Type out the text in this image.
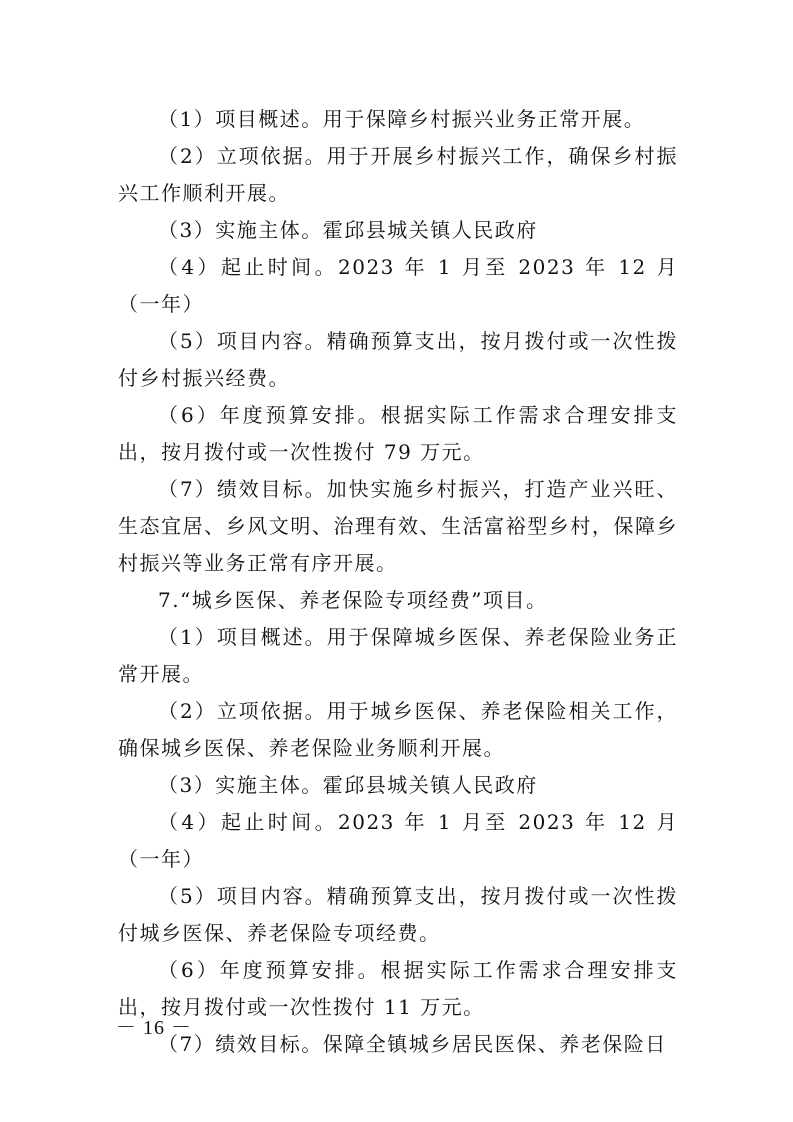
（1）项目概述。用于保障乡村振兴业务正常开展。

（2）立项依据。用于开展乡村振兴工作，确保乡村振兴工作顺利开展。

（3）实施主体。霍邱县城关镇人民政府

（4）起止时间。2023 年 1 月至 2023 年 12 月（一年）

（5）项目内容。精确预算支出，按月拨付或一次性拨付乡村振兴经费。

（6）年度预算安排。根据实际工作需求合理安排支出，按月拨付或一次性拨付 79 万元。

（7）绩效目标。加快实施乡村振兴，打造产业兴旺、生态宜居、乡风文明、治理有效、生活富裕型乡村，保障乡村振兴等业务正常有序开展。

7.“城乡医保、养老保险专项经费”项目。

（1）项目概述。用于保障城乡医保、养老保险业务正常开展。

（2）立项依据。用于城乡医保、养老保险相关工作，确保城乡医保、养老保险业务顺利开展。

（3）实施主体。霍邱县城关镇人民政府

（4）起止时间。2023 年 1 月至 2023 年 12 月（一年）

（5）项目内容。精确预算支出，按月拨付或一次性拨付城乡医保、养老保险专项经费。

（6）年度预算安排。根据实际工作需求合理安排支出，按月拨付或一次性拨付 11 万元。

（7）绩效目标。保障全镇城乡居民医保、养老保险日

－ 16 －
